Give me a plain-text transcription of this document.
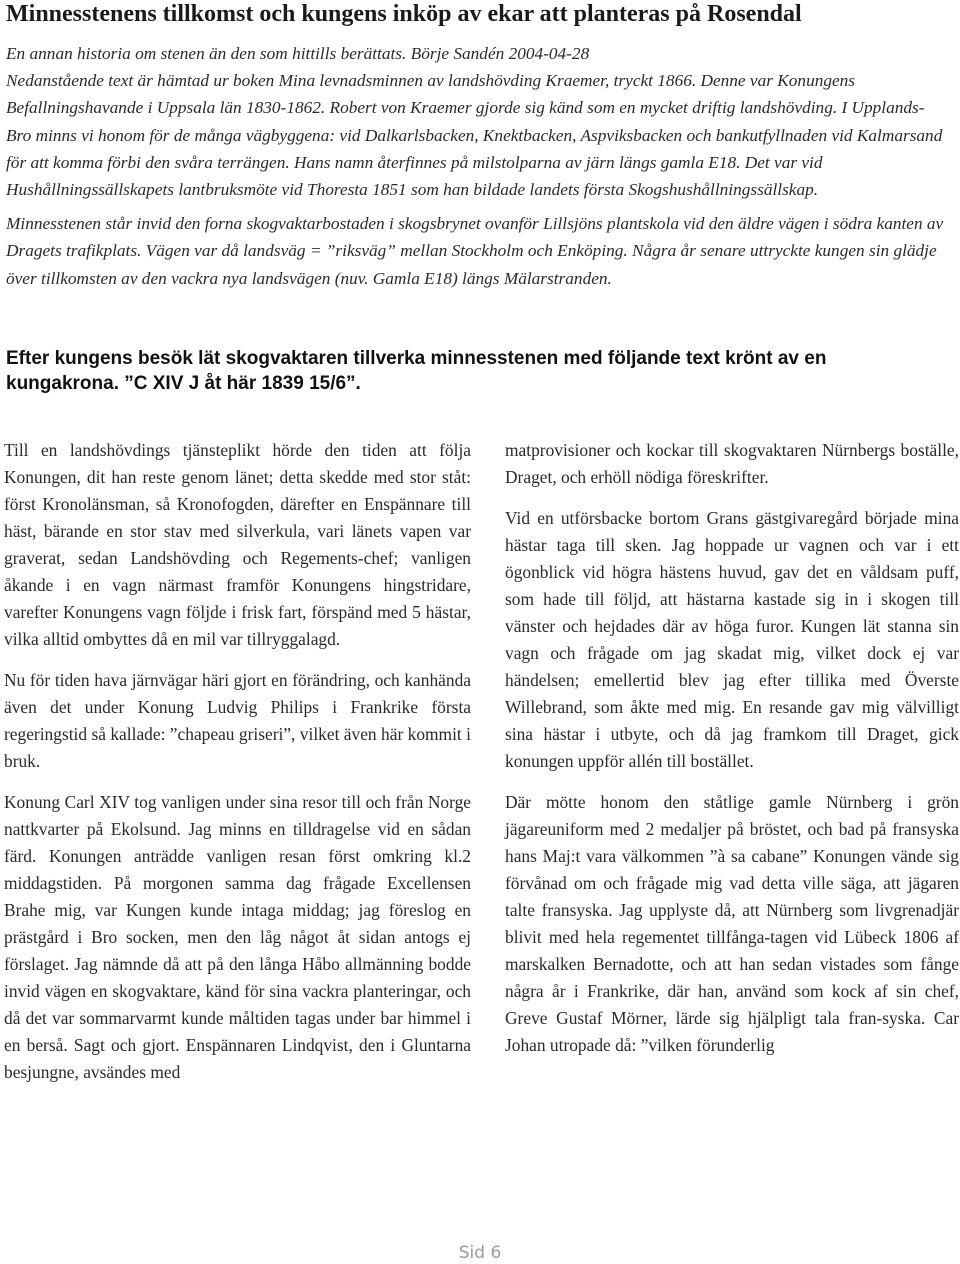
Minnesstenens tillkomst och kungens inköp av ekar att planteras på Rosendal

En annan historia om stenen än den som hittills berättats. Börje Sandén 2004-04-28

Nedanstående text är hämtad ur boken Mina levnadsminnen av landshövding Kraemer, tryckt 1866. Denne var Konungens Befallningshavande i Uppsala län 1830-1862. Robert von Kraemer gjorde sig känd som en mycket driftig landshövding. I Upplands-Bro minns vi honom för de många vägbyggena: vid Dalkarlsbacken, Knektbacken, Aspviksbacken och bankutfyllnaden vid Kalmarsand för att komma förbi den svåra terrängen. Hans namn återfinnes på milstolparna av järn längs gamla E18. Det var vid Hushållningssällskapets lantbruksmöte vid Thoresta 1851 som han bildade landets första Skogshushållningssällskap.

Minnesstenen står invid den forna skogvaktarbostaden i skogsbrynet ovanför Lillsjöns plantskola vid den äldre vägen i södra kanten av Dragets trafikplats. Vägen var då landsväg = ”riksväg” mellan Stockholm och Enköping. Några år senare uttryckte kungen sin glädje över tillkomsten av den vackra nya landsvägen (nuv. Gamla E18) längs Mälarstranden.

Efter kungens besök lät skogvaktaren tillverka minnesstenen med följande text krönt av en kungakrona. ”C XIV J åt här 1839 15/6”.

Till en landshövdings tjänsteplikt hörde den tiden att följa Konungen, dit han reste genom länet; detta skedde med stor ståt: först Kronolänsman, så Kronofogden, därefter en Enspännare till häst, bärande en stor stav med silverkula, vari länets vapen var graverat, sedan Landshövding och Regements-chef; vanligen åkande i en vagn närmast framför Konungens hingstridare, varefter Konungens vagn följde i frisk fart, förspänd med 5 hästar, vilka alltid ombyttes då en mil var tillryggalagd.

Nu för tiden hava järnvägar häri gjort en förändring, och kanhända även det under Konung Ludvig Philips i Frankrike första regeringstid så kallade: ”chapeau griseri”, vilket även här kommit i bruk.

Konung Carl XIV tog vanligen under sina resor till och från Norge nattkvarter på Ekolsund. Jag minns en tilldragelse vid en sådan färd. Konungen anträdde vanligen resan först omkring kl.2 middagstiden. På morgonen samma dag frågade Excellensen Brahe mig, var Kungen kunde intaga middag; jag föreslog en prästgård i Bro socken, men den låg något åt sidan antogs ej förslaget. Jag nämnde då att på den långa Håbo allmänning bodde invid vägen en skogvaktare, känd för sina vackra planteringar, och då det var sommarvarmt kunde måltiden tagas under bar himmel i en berså. Sagt och gjort. Enspännaren Lindqvist, den i Gluntarna besjungne, avsändes med

matprovisioner och kockar till skogvaktaren Nürnbergs boställe, Draget, och erhöll nödiga föreskrifter.

Vid en utförsbacke bortom Grans gästgivaregård började mina hästar taga till sken. Jag hoppade ur vagnen och var i ett ögonblick vid högra hästens huvud, gav det en våldsam puff, som hade till följd, att hästarna kastade sig in i skogen till vänster och hejdades där av höga furor. Kungen lät stanna sin vagn och frågade om jag skadat mig, vilket dock ej var händelsen; emellertid blev jag efter tillika med Överste Willebrand, som åkte med mig. En resande gav mig välvilligt sina hästar i utbyte, och då jag framkom till Draget, gick konungen uppför allén till bostället.

Där mötte honom den ståtlige gamle Nürnberg i grön jägareuniform med 2 medaljer på bröstet, och bad på fransyska hans Maj:t vara välkommen ”à sa cabane” Konungen vände sig förvånad om och frågade mig vad detta ville säga, att jägaren talte fransyska. Jag upplyste då, att Nürnberg som livgrenadjär blivit med hela regementet tillfånga-tagen vid Lübeck 1806 af marskalken Bernadotte, och att han sedan vistades som fånge några år i Frankrike, där han, använd som kock af sin chef, Greve Gustaf Mörner, lärde sig hjälpligt tala fran-syska. Car Johan utropade då: ”vilken förunderlig

Sid 6
